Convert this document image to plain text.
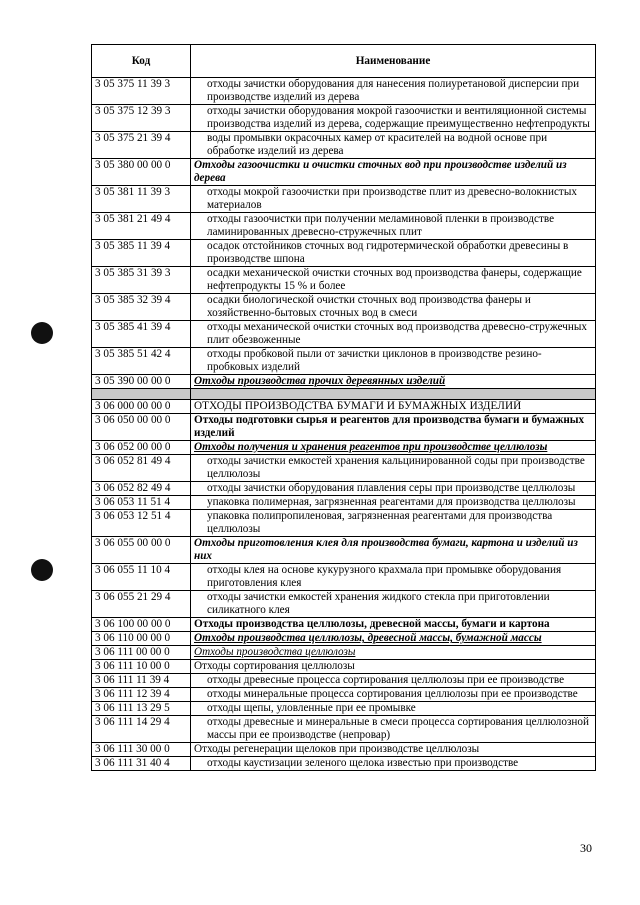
Код	Наименование
3 05 375 11 39 3	отходы зачистки оборудования для нанесения полиуретановой дисперсии при производстве изделий из дерева
3 05 375 12 39 3	отходы зачистки оборудования мокрой газоочистки и вентиляционной системы производства изделий из дерева, содержащие преимущественно нефтепродукты
3 05 375 21 39 4	воды промывки окрасочных камер от красителей на водной основе при обработке изделий из дерева
3 05 380 00 00 0	Отходы газоочистки и очистки сточных вод при производстве изделий из дерева
3 05 381 11 39 3	отходы мокрой газоочистки при производстве плит из древесно-волокнистых материалов
3 05 381 21 49 4	отходы газоочистки при получении меламиновой пленки в производстве ламинированных древесно-стружечных плит
3 05 385 11 39 4	осадок отстойников сточных вод гидротермической обработки древесины в производстве шпона
3 05 385 31 39 3	осадки механической очистки сточных вод производства фанеры, содержащие нефтепродукты 15 % и более
3 05 385 32 39 4	осадки биологической очистки сточных вод производства фанеры и хозяйственно-бытовых сточных вод в смеси
3 05 385 41 39 4	отходы механической очистки сточных вод производства древесно-стружечных плит обезвоженные
3 05 385 51 42 4	отходы пробковой пыли от зачистки циклонов в производстве резино-пробковых изделий
3 05 390 00 00 0	Отходы производства прочих деревянных изделий

3 06 000 00 00 0	ОТХОДЫ ПРОИЗВОДСТВА БУМАГИ И БУМАЖНЫХ ИЗДЕЛИЙ
3 06 050 00 00 0	Отходы подготовки сырья и реагентов для производства бумаги и бумажных изделий
3 06 052 00 00 0	Отходы получения и хранения реагентов при производстве целлюлозы
3 06 052 81 49 4	отходы зачистки емкостей хранения кальцинированной соды при производстве целлюлозы
3 06 052 82 49 4	отходы зачистки оборудования плавления серы при производстве целлюлозы
3 06 053 11 51 4	упаковка полимерная, загрязненная реагентами для производства целлюлозы
3 06 053 12 51 4	упаковка полипропиленовая, загрязненная реагентами для производства целлюлозы
3 06 055 00 00 0	Отходы приготовления клея для производства бумаги, картона и изделий из них
3 06 055 11 10 4	отходы клея на основе кукурузного крахмала при промывке оборудования приготовления клея
3 06 055 21 29 4	отходы зачистки емкостей хранения жидкого стекла при приготовлении силикатного клея
3 06 100 00 00 0	Отходы производства целлюлозы, древесной массы, бумаги и картона
3 06 110 00 00 0	Отходы производства целлюлозы, древесной массы, бумажной массы
3 06 111 00 00 0	Отходы производства целлюлозы
3 06 111 10 00 0	Отходы сортирования целлюлозы
3 06 111 11 39 4	отходы древесные процесса сортирования целлюлозы при ее производстве
3 06 111 12 39 4	отходы минеральные процесса сортирования целлюлозы при ее производстве
3 06 111 13 29 5	отходы щепы, уловленные при ее промывке
3 06 111 14 29 4	отходы древесные и минеральные в смеси процесса сортирования целлюлозной массы при ее производстве (непровар)
3 06 111 30 00 0	Отходы регенерации щелоков при производстве целлюлозы
3 06 111 31 40 4	отходы каустизации зеленого щелока известью при производстве
30
